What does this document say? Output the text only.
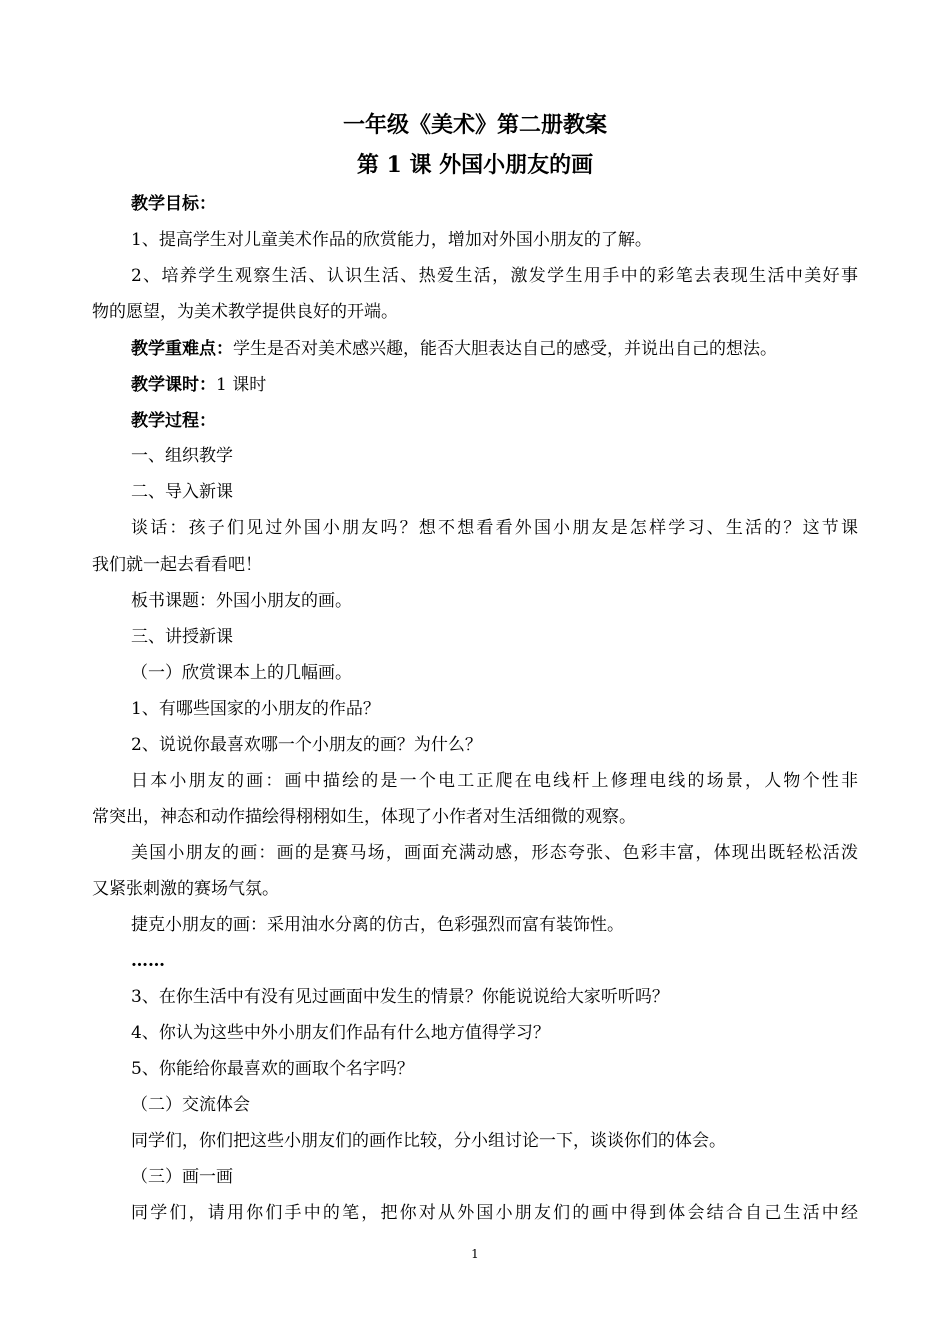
一年级《美术》第二册教案
第 1 课 外国小朋友的画
教学目标：
1、提高学生对儿童美术作品的欣赏能力，增加对外国小朋友的了解。
2、培养学生观察生活、认识生活、热爱生活，激发学生用手中的彩笔去表现生活中美好事
物的愿望，为美术教学提供良好的开端。
教学重难点：学生是否对美术感兴趣，能否大胆表达自己的感受，并说出自己的想法。
教学课时：1 课时
教学过程：
一、组织教学
二、导入新课
谈话：孩子们见过外国小朋友吗？想不想看看外国小朋友是怎样学习、生活的？这节课
我们就一起去看看吧！
板书课题：外国小朋友的画。
三、讲授新课
（一）欣赏课本上的几幅画。
1、有哪些国家的小朋友的作品？
2、说说你最喜欢哪一个小朋友的画？为什么？
日本小朋友的画：画中描绘的是一个电工正爬在电线杆上修理电线的场景，人物个性非
常突出，神态和动作描绘得栩栩如生，体现了小作者对生活细微的观察。
美国小朋友的画：画的是赛马场，画面充满动感，形态夸张、色彩丰富，体现出既轻松活泼
又紧张刺激的赛场气氛。
捷克小朋友的画：采用油水分离的仿古，色彩强烈而富有装饰性。
……
3、在你生活中有没有见过画面中发生的情景？你能说说给大家听听吗？
4、你认为这些中外小朋友们作品有什么地方值得学习？
5、你能给你最喜欢的画取个名字吗？
（二）交流体会
同学们，你们把这些小朋友们的画作比较，分小组讨论一下，谈谈你们的体会。
（三）画一画
同学们，请用你们手中的笔，把你对从外国小朋友们的画中得到体会结合自己生活中经
1
